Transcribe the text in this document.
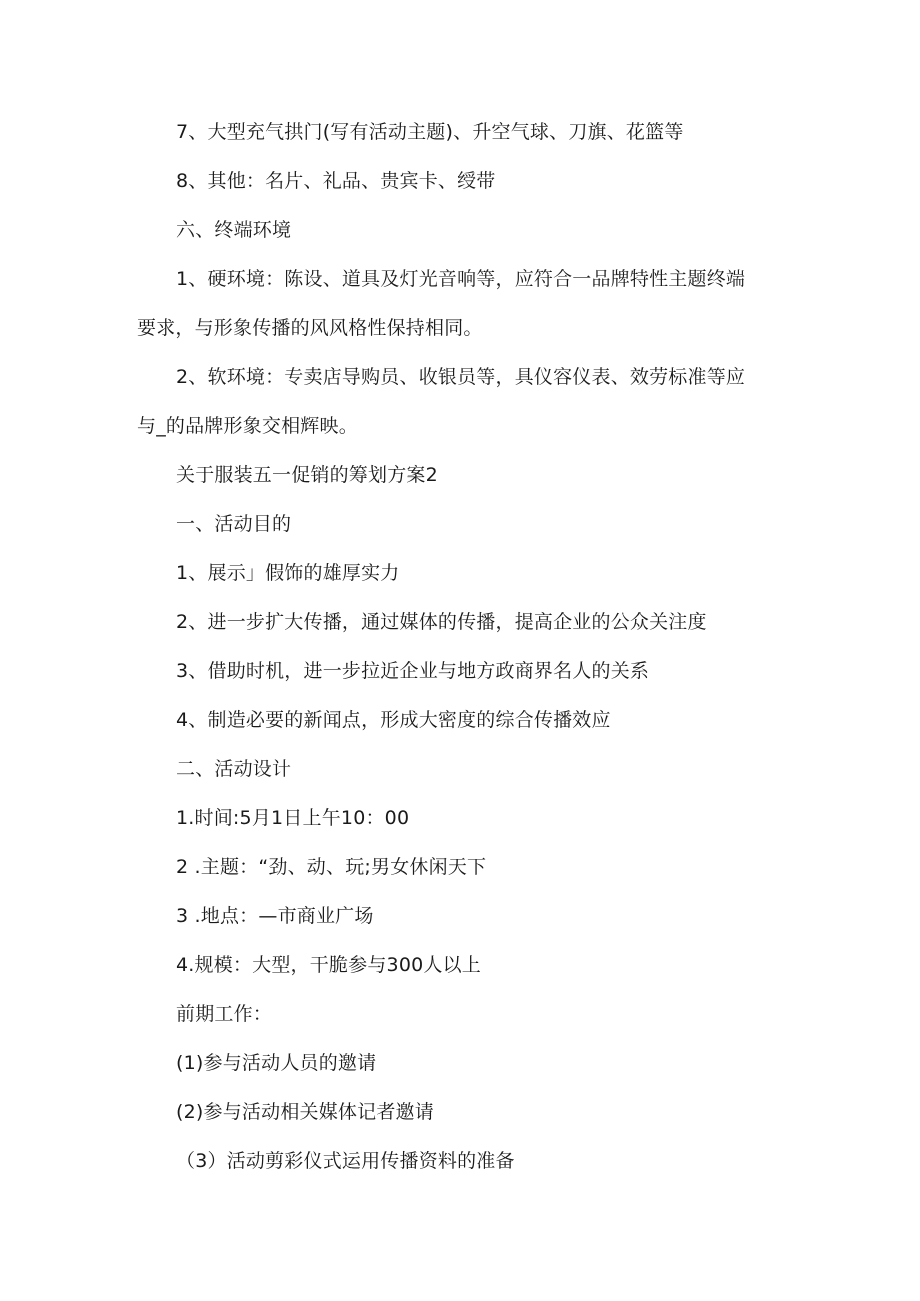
7、大型充气拱门(写有活动主题)、升空气球、刀旗、花篮等
8、其他：名片、礼品、贵宾卡、绶带
六、终端环境
1、硬环境：陈设、道具及灯光音响等，应符合一品牌特性主题终端
要求，与形象传播的风风格性保持相同。
2、软环境：专卖店导购员、收银员等，具仪容仪表、效劳标准等应
与_的品牌形象交相辉映。
关于服装五一促销的筹划方案2
一、活动目的
1、展示」假饰的雄厚实力
2、进一步扩大传播，通过媒体的传播，提高企业的公众关注度
3、借助时机，进一步拉近企业与地方政商界名人的关系
4、制造必要的新闻点，形成大密度的综合传播效应
二、活动设计
1.时间:5月1日上午10：00
2 .主题：“劲、动、玩;男女休闲天下
3 .地点：—市商业广场
4.规模：大型，干脆参与300人以上
前期工作：
(1)参与活动人员的邀请
(2)参与活动相关媒体记者邀请
（3）活动剪彩仪式运用传播资料的准备
